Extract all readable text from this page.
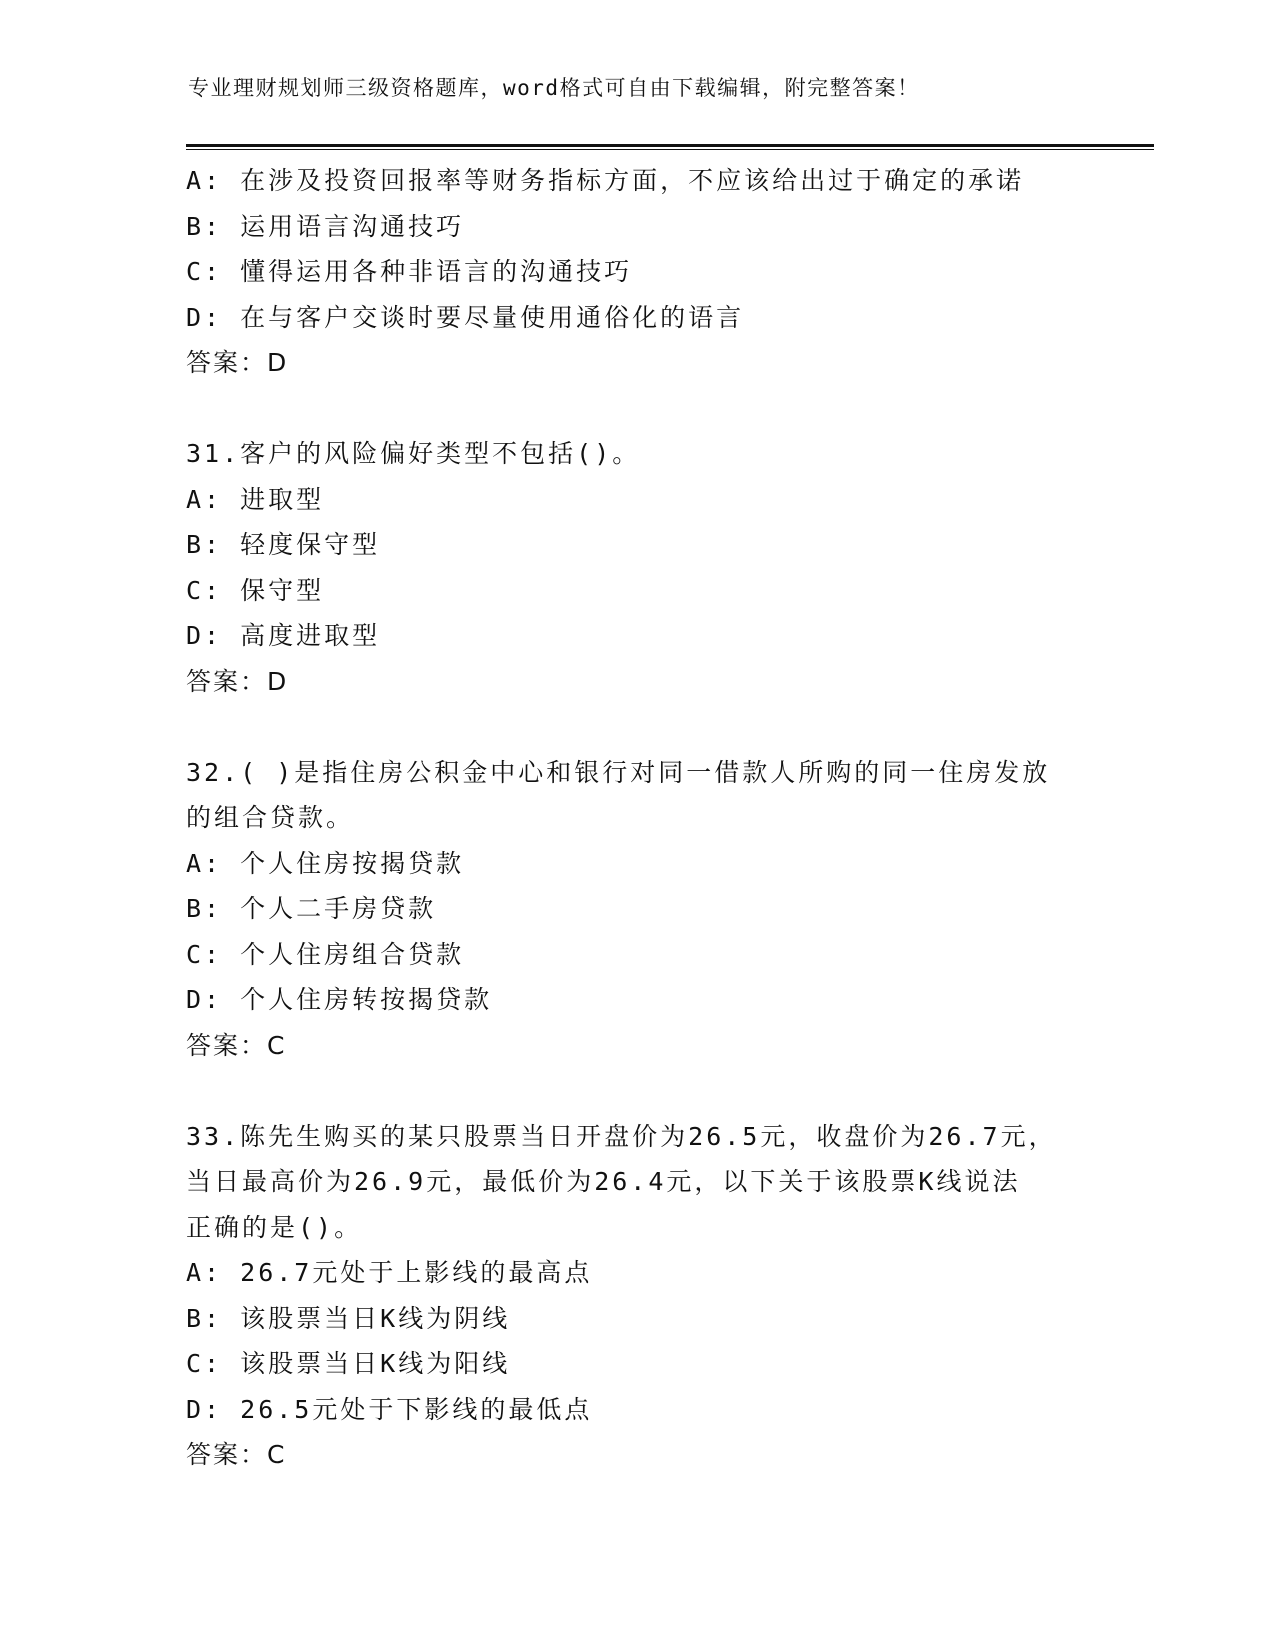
专业理财规划师三级资格题库，word格式可自由下载编辑，附完整答案！
A: 在涉及投资回报率等财务指标方面，不应该给出过于确定的承诺
B: 运用语言沟通技巧
C: 懂得运用各种非语言的沟通技巧
D: 在与客户交谈时要尽量使用通俗化的语言
答案：D
31.客户的风险偏好类型不包括()。
A: 进取型
B: 轻度保守型
C: 保守型
D: 高度进取型
答案：D
32.( )是指住房公积金中心和银行对同一借款人所购的同一住房发放
的组合贷款。
A: 个人住房按揭贷款
B: 个人二手房贷款
C: 个人住房组合贷款
D: 个人住房转按揭贷款
答案：C
33.陈先生购买的某只股票当日开盘价为26.5元，收盘价为26.7元，
当日最高价为26.9元，最低价为26.4元，以下关于该股票K线说法
正确的是()。
A: 26.7元处于上影线的最高点
B: 该股票当日K线为阴线
C: 该股票当日K线为阳线
D: 26.5元处于下影线的最低点
答案：C
